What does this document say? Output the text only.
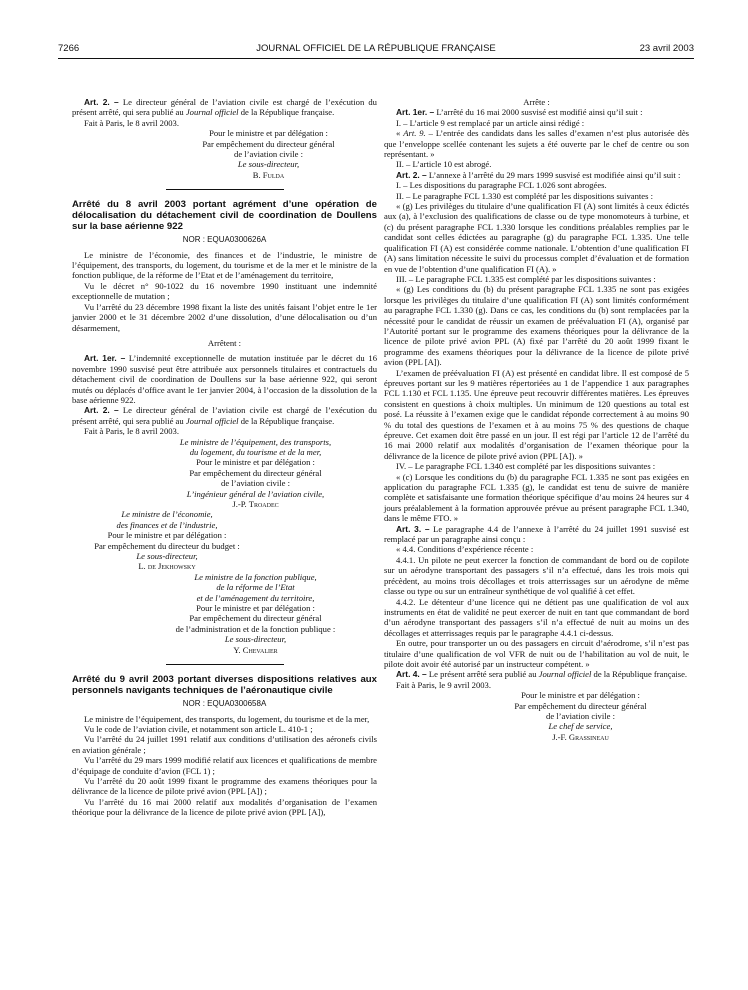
7266	JOURNAL OFFICIEL DE LA RÉPUBLIQUE FRANÇAISE	23 avril 2003

Art. 2. – Le directeur général de l’aviation civile est chargé de l’exécution du présent arrêté, qui sera publié au Journal officiel de la République française.

Fait à Paris, le 8 avril 2003.

Pour le ministre et par délégation :
Par empêchement du directeur général
de l’aviation civile :
Le sous-directeur,
B. Fulda

Arrêté du 8 avril 2003 portant agrément d’une opération de délocalisation du détachement civil de coordination de Doullens sur la base aérienne 922

NOR : EQUA0300626A

Le ministre de l’économie, des finances et de l’industrie, le ministre de l’équipement, des transports, du logement, du tourisme et de la mer et le ministre de la fonction publique, de la réforme de l’Etat et de l’aménagement du territoire,

Vu le décret n° 90-1022 du 16 novembre 1990 instituant une indemnité exceptionnelle de mutation ;

Vu l’arrêté du 23 décembre 1998 fixant la liste des unités faisant l’objet entre le 1er janvier 2000 et le 31 décembre 2002 d’une dissolution, d’une délocalisation ou d’un désarmement,

Arrêtent :

Art. 1er. – L’indemnité exceptionnelle de mutation instituée par le décret du 16 novembre 1990 susvisé peut être attribuée aux personnels titulaires et contractuels du détachement civil de coordination de Doullens sur la base aérienne 922, qui seront mutés ou déplacés d’office avant le 1er janvier 2004, à l’occasion de la dissolution de la base aérienne 922.

Art. 2. – Le directeur général de l’aviation civile est chargé de l’exécution du présent arrêté, qui sera publié au Journal officiel de la République française.

Fait à Paris, le 8 avril 2003.

Le ministre de l’équipement, des transports,
du logement, du tourisme et de la mer,
Pour le ministre et par délégation :
Par empêchement du directeur général
de l’aviation civile :
L’ingénieur général de l’aviation civile,
J.-P. Troadec
Le ministre de l’économie,
des finances et de l’industrie,
Pour le ministre et par délégation :
Par empêchement du directeur du budget :
Le sous-directeur,
L. de Jekhowsky
Le ministre de la fonction publique,
de la réforme de l’Etat
et de l’aménagement du territoire,
Pour le ministre et par délégation :
Par empêchement du directeur général
de l’administration et de la fonction publique :
Le sous-directeur,
Y. Chevalier

Arrêté du 9 avril 2003 portant diverses dispositions relatives aux personnels navigants techniques de l’aéronautique civile

NOR : EQUA0300658A

Le ministre de l’équipement, des transports, du logement, du tourisme et de la mer,

Vu le code de l’aviation civile, et notamment son article L. 410-1 ;

Vu l’arrêté du 24 juillet 1991 relatif aux conditions d’utilisation des aéronefs civils en aviation générale ;

Vu l’arrêté du 29 mars 1999 modifié relatif aux licences et qualifications de membre d’équipage de conduite d’avion (FCL 1) ;

Vu l’arrêté du 20 août 1999 fixant le programme des examens théoriques pour la délivrance de la licence de pilote privé avion (PPL [A]) ;

Vu l’arrêté du 16 mai 2000 relatif aux modalités d’organisation de l’examen théorique pour la délivrance de la licence de pilote privé avion (PPL [A]),

Arrête :

Art. 1er. – L’arrêté du 16 mai 2000 susvisé est modifié ainsi qu’il suit :

I. – L’article 9 est remplacé par un article ainsi rédigé :

« Art. 9. – L’entrée des candidats dans les salles d’examen n’est plus autorisée dès que l’enveloppe scellée contenant les sujets a été ouverte par le chef de centre ou son représentant. »

II. – L’article 10 est abrogé.

Art. 2. – L’annexe à l’arrêté du 29 mars 1999 susvisé est modifiée ainsi qu’il suit :

I. – Les dispositions du paragraphe FCL 1.026 sont abrogées.

II. – Le paragraphe FCL 1.330 est complété par les dispositions suivantes :

« (g) Les privilèges du titulaire d’une qualification FI (A) sont limités à ceux édictés aux (a), à l’exclusion des qualifications de classe ou de type monomoteurs à turbine, et (c) du présent paragraphe FCL 1.330 lorsque les conditions préalables remplies par le candidat sont celles édictées au paragraphe (g) du paragraphe FCL 1.335. Une telle qualification FI (A) est considérée comme nationale. L’obtention d’une qualification FI (A) sans limitation nécessite le suivi du processus complet d’évaluation et de formation en vue de l’obtention d’une qualification FI (A). »

III. – Le paragraphe FCL 1.335 est complété par les dispositions suivantes :

« (g) Les conditions du (b) du présent paragraphe FCL 1.335 ne sont pas exigées lorsque les privilèges du titulaire d’une qualification FI (A) sont limités conformément au paragraphe FCL 1.330 (g). Dans ce cas, les conditions du (b) sont remplacées par la nécessité pour le candidat de réussir un examen de préévaluation FI (A), organisé par l’Autorité portant sur le programme des examens théoriques pour la délivrance de la licence de pilote privé avion PPL (A) fixé par l’arrêté du 20 août 1999 fixant le programme des examens théoriques pour la délivrance de la licence de pilote privé avion (PPL [A]).

L’examen de préévaluation FI (A) est présenté en candidat libre. Il est composé de 5 épreuves portant sur les 9 matières répertoriées au 1 de l’appendice 1 aux paragraphes FCL 1.130 et FCL 1.135. Une épreuve peut recouvrir différentes matières. Les épreuves consistent en questions à choix multiples. Un minimum de 120 questions au total est posé. La réussite à l’examen exige que le candidat réponde correctement à au moins 90 % du total des questions de l’examen et à au moins 75 % des questions de chaque épreuve. Cet examen doit être passé en un jour. Il est régi par l’article 12 de l’arrêté du 16 mai 2000 relatif aux modalités d’organisation de l’examen théorique pour la délivrance de la licence de pilote privé avion (PPL [A]). »

IV. – Le paragraphe FCL 1.340 est complété par les dispositions suivantes :

« (c) Lorsque les conditions du (b) du paragraphe FCL 1.335 ne sont pas exigées en application du paragraphe FCL 1.335 (g), le candidat est tenu de suivre de manière complète et satisfaisante une formation théorique spécifique d’au moins 24 heures sur 4 jours préalablement à la formation approuvée prévue au présent paragraphe FCL 1.340, dans le même FTO. »

Art. 3. – Le paragraphe 4.4 de l’annexe à l’arrêté du 24 juillet 1991 susvisé est remplacé par un paragraphe ainsi conçu :

« 4.4. Conditions d’expérience récente :

4.4.1. Un pilote ne peut exercer la fonction de commandant de bord ou de copilote sur un aérodyne transportant des passagers s’il n’a effectué, dans les trois mois qui précèdent, au moins trois décollages et trois atterrissages sur un aérodyne de même classe ou type ou sur un entraîneur synthétique de vol qualifié à cet effet.

4.4.2. Le détenteur d’une licence qui ne détient pas une qualification de vol aux instruments en état de validité ne peut exercer de nuit en tant que commandant de bord d’un aérodyne transportant des passagers s’il n’a effectué de nuit au moins un des décollages et atterrissages requis par le paragraphe 4.4.1 ci-dessus.

En outre, pour transporter un ou des passagers en circuit d’aérodrome, s’il n’est pas titulaire d’une qualification de vol VFR de nuit ou de l’habilitation au vol de nuit, le pilote doit avoir été autorisé par un instructeur compétent. »

Art. 4. – Le présent arrêté sera publié au Journal officiel de la République française.

Fait à Paris, le 9 avril 2003.

Pour le ministre et par délégation :
Par empêchement du directeur général
de l’aviation civile :
Le chef de service,
J.-F. Grassineau
